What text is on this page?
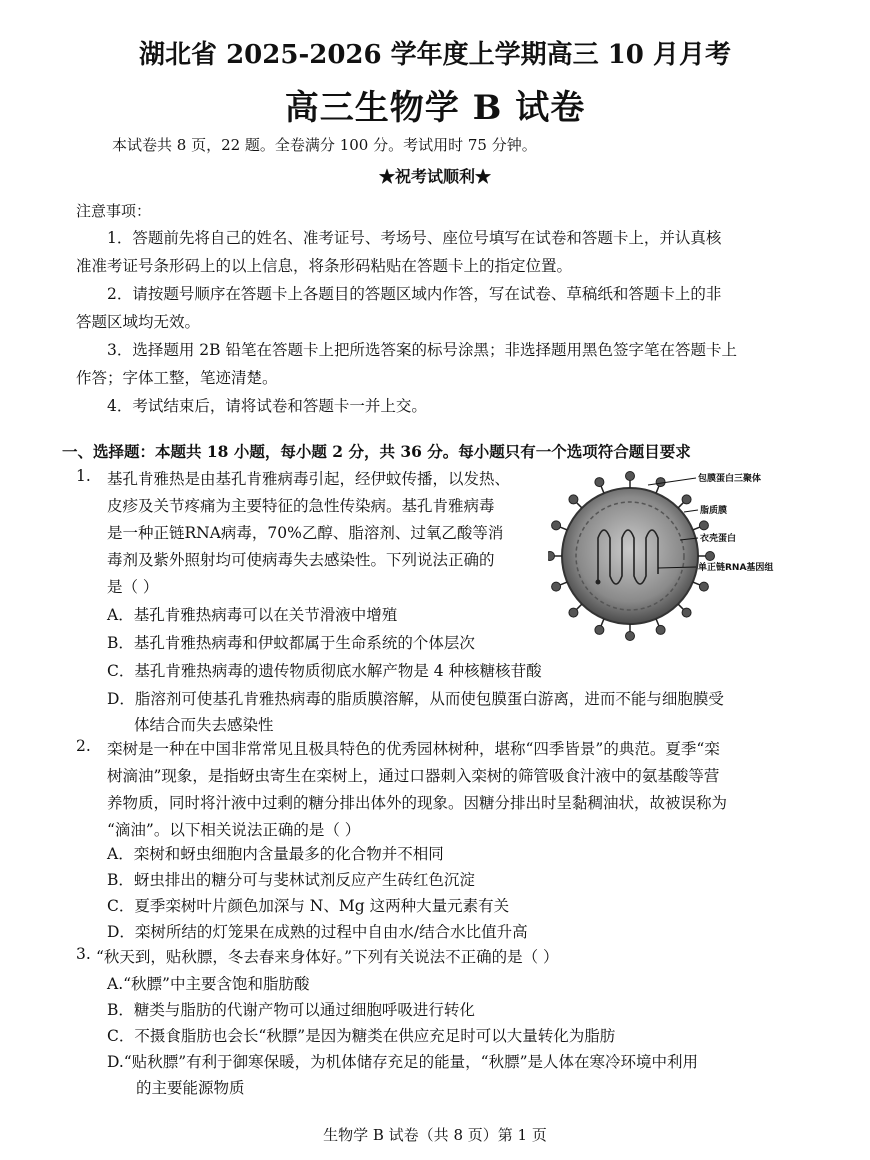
湖北省 2025-2026 学年度上学期高三 10 月月考
高三生物学 B 试卷
本试卷共 8 页，22 题。全卷满分 100 分。考试用时 75 分钟。
★祝考试顺利★
注意事项：
1．答题前先将自己的姓名、准考证号、考场号、座位号填写在试卷和答题卡上，并认真核
准准考证号条形码上的以上信息，将条形码粘贴在答题卡上的指定位置。
2．请按题号顺序在答题卡上各题目的答题区域内作答，写在试卷、草稿纸和答题卡上的非
答题区域均无效。
3．选择题用 2B 铅笔在答题卡上把所选答案的标号涂黑；非选择题用黑色签字笔在答题卡上
作答；字体工整，笔迹清楚。
4．考试结束后，请将试卷和答题卡一并上交。
一、选择题：本题共 18 小题，每小题 2 分，共 36 分。每小题只有一个选项符合题目要求
1. 基孔肯雅热是由基孔肯雅病毒引起，经伊蚊传播，以发热、
皮疹及关节疼痛为主要特征的急性传染病。基孔肯雅病毒
是一种正链RNA病毒，70%乙醇、脂溶剂、过氧乙酸等消
毒剂及紫外照射均可使病毒失去感染性。下列说法正确的
是（ ）
A．基孔肯雅热病毒可以在关节滑液中增殖
B．基孔肯雅热病毒和伊蚊都属于生命系统的个体层次
C．基孔肯雅热病毒的遗传物质彻底水解产物是 4 种核糖核苷酸
D．脂溶剂可使基孔肯雅热病毒的脂质膜溶解，从而使包膜蛋白游离，进而不能与细胞膜受
体结合而失去感染性
包膜蛋白三聚体
脂质膜
衣壳蛋白
单正链RNA基因组
2. 栾树是一种在中国非常常见且极具特色的优秀园林树种，堪称“四季皆景”的典范。夏季“栾
树滴油”现象，是指蚜虫寄生在栾树上，通过口器刺入栾树的筛管吸食汁液中的氨基酸等营
养物质，同时将汁液中过剩的糖分排出体外的现象。因糖分排出时呈黏稠油状，故被误称为
“滴油”。以下相关说法正确的是（ ）
A．栾树和蚜虫细胞内含量最多的化合物并不相同
B．蚜虫排出的糖分可与斐林试剂反应产生砖红色沉淀
C．夏季栾树叶片颜色加深与 N、Mg 这两种大量元素有关
D．栾树所结的灯笼果在成熟的过程中自由水/结合水比值升高
3. “秋天到，贴秋膘，冬去春来身体好。”下列有关说法不正确的是（ ）
A.“秋膘”中主要含饱和脂肪酸
B．糖类与脂肪的代谢产物可以通过细胞呼吸进行转化
C．不摄食脂肪也会长“秋膘”是因为糖类在供应充足时可以大量转化为脂肪
D.“贴秋膘”有利于御寒保暖，为机体储存充足的能量，“秋膘”是人体在寒冷环境中利用
的主要能源物质
生物学 B 试卷（共 8 页）第 1 页
